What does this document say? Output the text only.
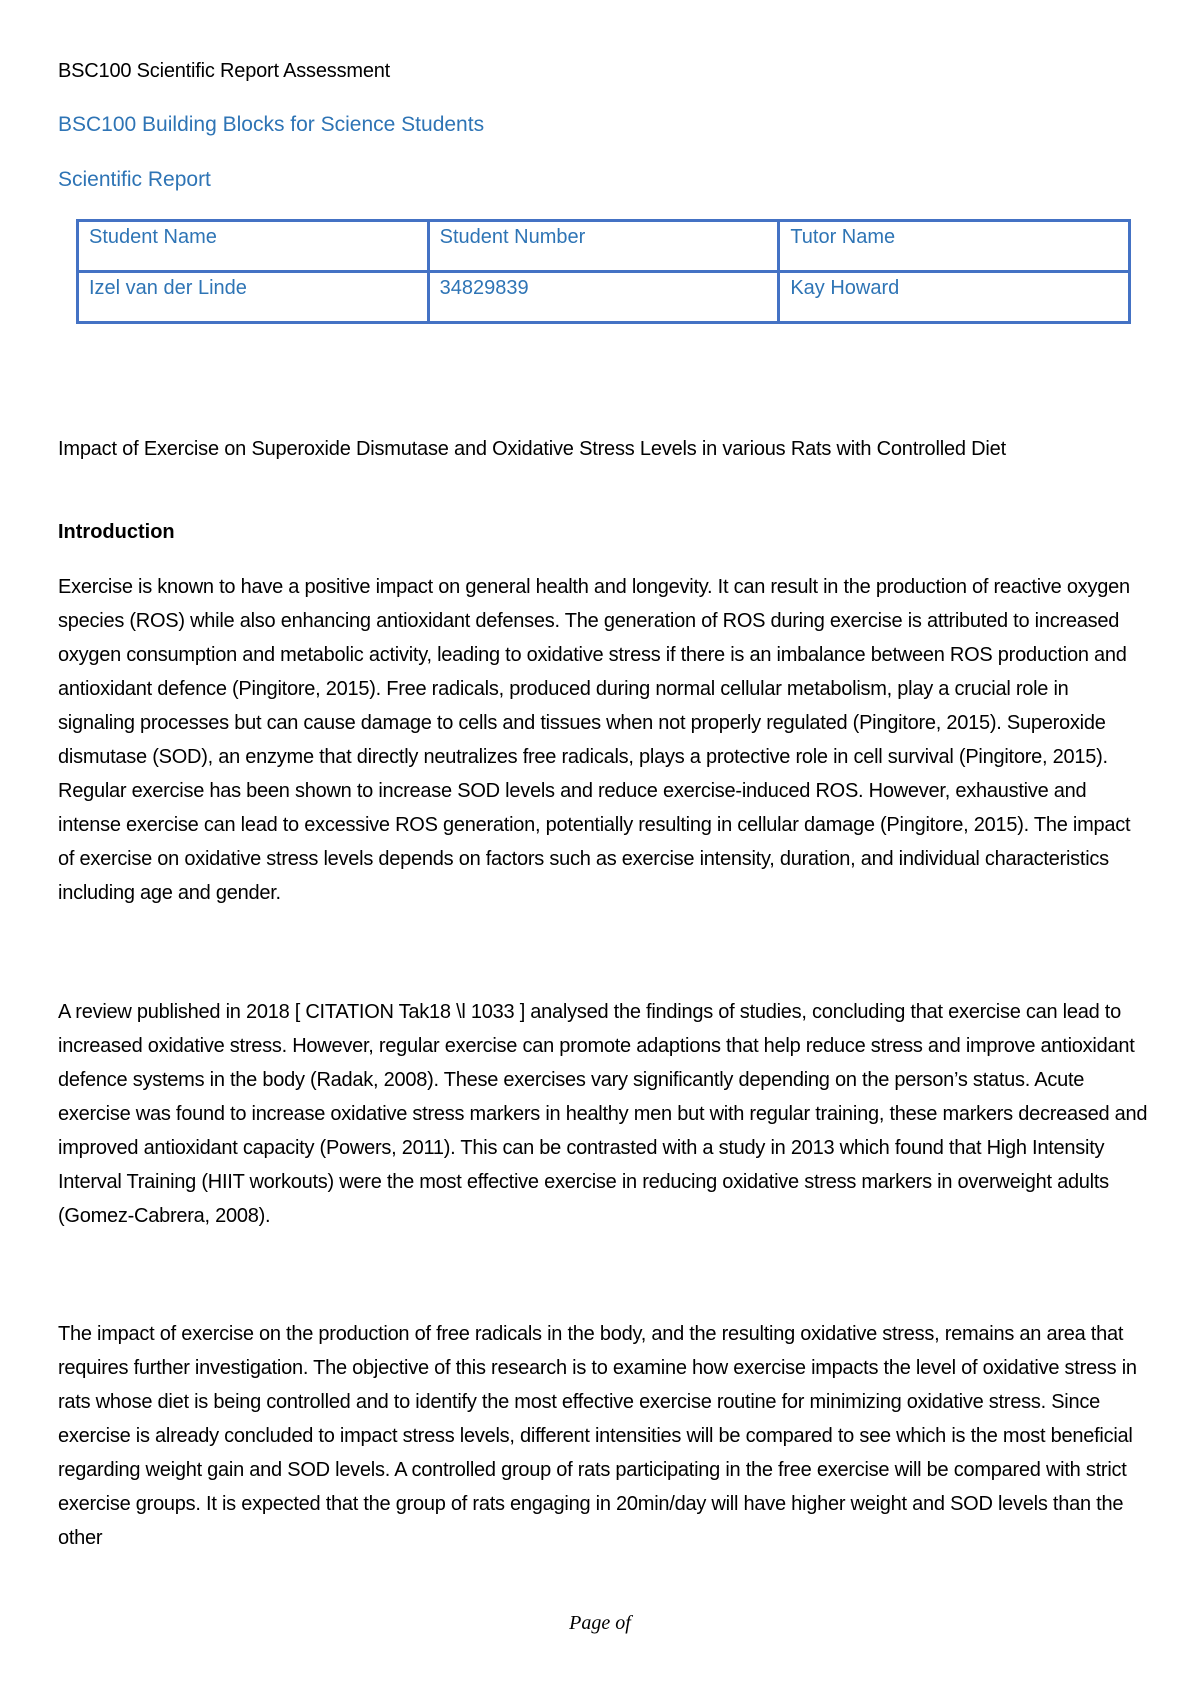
BSC100 Scientific Report Assessment
BSC100 Building Blocks for Science Students
Scientific Report
Student Name	Student Number	Tutor Name
Izel van der Linde	34829839	Kay Howard
Impact of Exercise on Superoxide Dismutase and Oxidative Stress Levels in various Rats with Controlled Diet
Introduction
Exercise is known to have a positive impact on general health and longevity. It can result in the production of reactive oxygen species (ROS) while also enhancing antioxidant defenses. The generation of ROS during exercise is attributed to increased oxygen consumption and metabolic activity, leading to oxidative stress if there is an imbalance between ROS production and antioxidant defence (Pingitore, 2015). Free radicals, produced during normal cellular metabolism, play a crucial role in signaling processes but can cause damage to cells and tissues when not properly regulated (Pingitore, 2015). Superoxide dismutase (SOD), an enzyme that directly neutralizes free radicals, plays a protective role in cell survival (Pingitore, 2015). Regular exercise has been shown to increase SOD levels and reduce exercise-induced ROS. However, exhaustive and intense exercise can lead to excessive ROS generation, potentially resulting in cellular damage (Pingitore, 2015). The impact of exercise on oxidative stress levels depends on factors such as exercise intensity, duration, and individual characteristics including age and gender.
A review published in 2018 [ CITATION Tak18 \l 1033 ] analysed the findings of studies, concluding that exercise can lead to increased oxidative stress. However, regular exercise can promote adaptions that help reduce stress and improve antioxidant defence systems in the body (Radak, 2008). These exercises vary significantly depending on the person’s status. Acute exercise was found to increase oxidative stress markers in healthy men but with regular training, these markers decreased and improved antioxidant capacity (Powers, 2011). This can be contrasted with a study in 2013 which found that High Intensity Interval Training (HIIT workouts) were the most effective exercise in reducing oxidative stress markers in overweight adults (Gomez-Cabrera, 2008).
The impact of exercise on the production of free radicals in the body, and the resulting oxidative stress, remains an area that requires further investigation. The objective of this research is to examine how exercise impacts the level of oxidative stress in rats whose diet is being controlled and to identify the most effective exercise routine for minimizing oxidative stress. Since exercise is already concluded to impact stress levels, different intensities will be compared to see which is the most beneficial regarding weight gain and SOD levels. A controlled group of rats participating in the free exercise will be compared with strict exercise groups. It is expected that the group of rats engaging in 20min/day will have higher weight and SOD levels than the other
Page of
